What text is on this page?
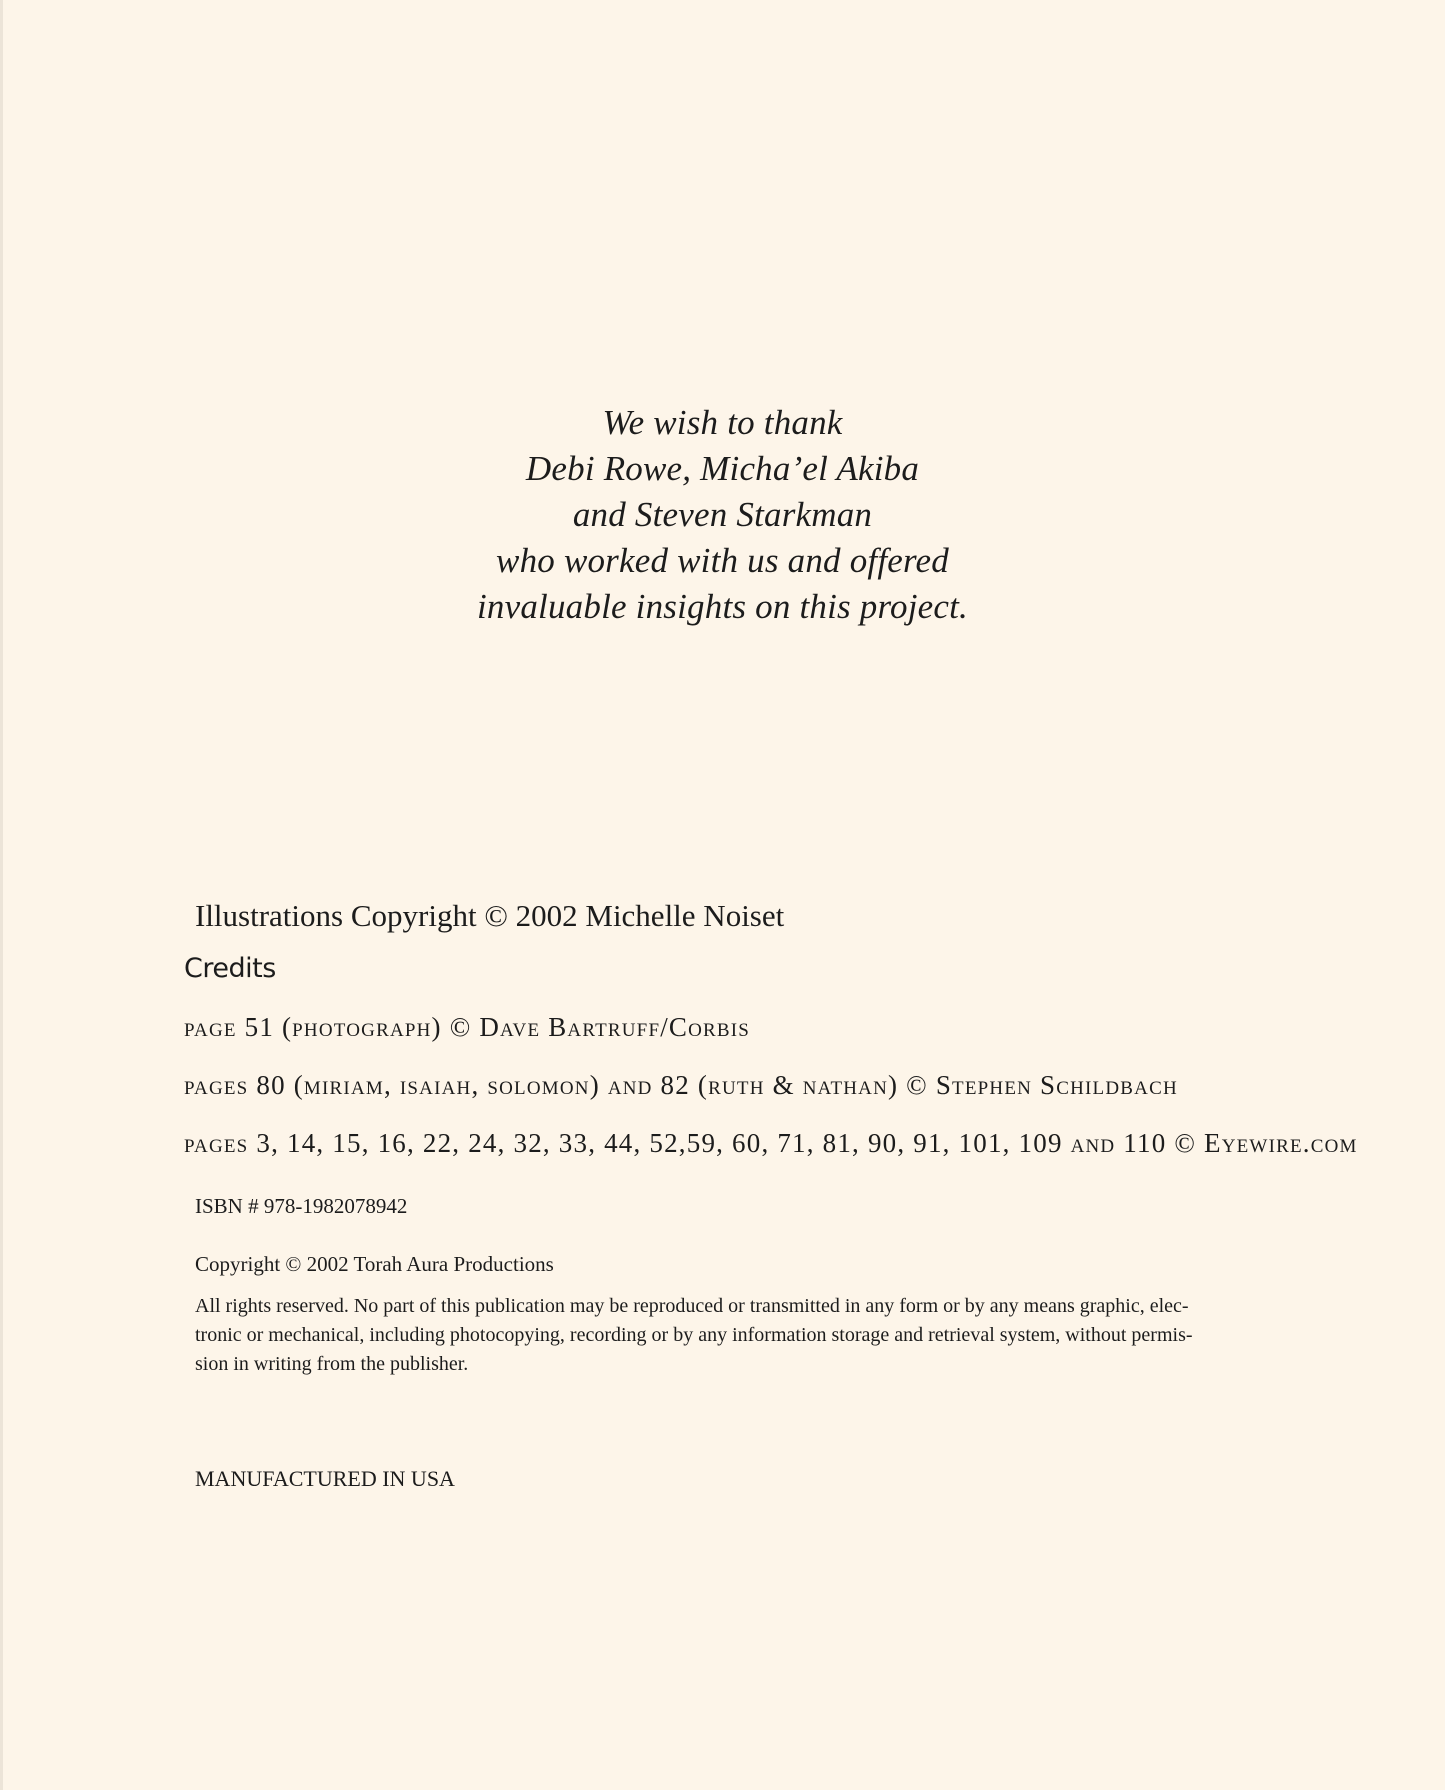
We wish to thank
Debi Rowe, Micha’el Akiba
and Steven Starkman
who worked with us and offered
invaluable insights on this project.
Illustrations Copyright © 2002 Michelle Noiset
Credits
page 51 (photograph) © Dave Bartruff/Corbis
pages 80 (miriam, isaiah, solomon) and 82 (ruth & nathan) © Stephen Schildbach
pages 3, 14, 15, 16, 22, 24, 32, 33, 44, 52,59, 60, 71, 81, 90, 91, 101, 109 and 110 © Eyewire.com
ISBN # 978-1982078942
Copyright © 2002 Torah Aura Productions
All rights reserved. No part of this publication may be reproduced or transmitted in any form or by any means graphic, elec-
tronic or mechanical, including photocopying, recording or by any information storage and retrieval system, without permis-
sion in writing from the publisher.
MANUFACTURED IN USA
